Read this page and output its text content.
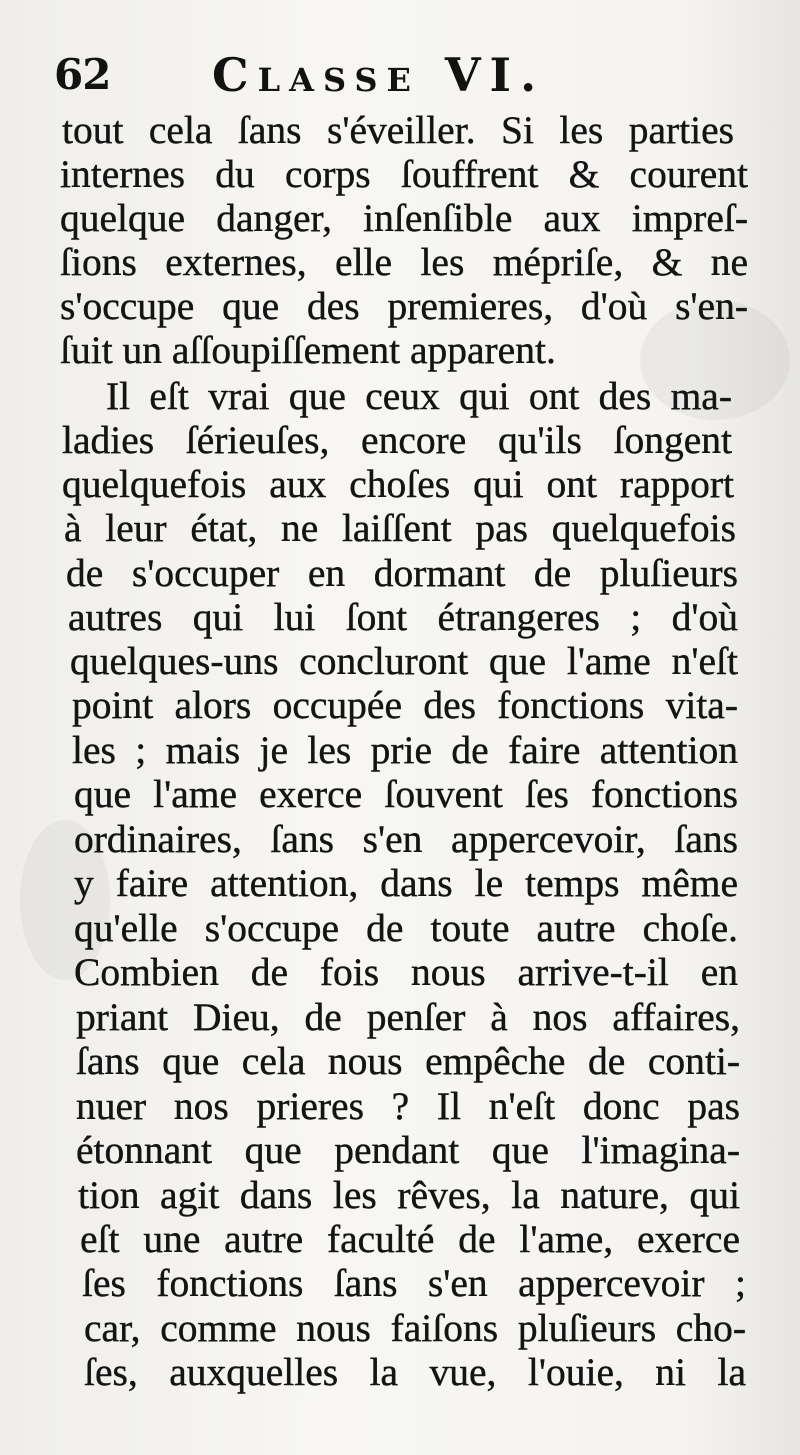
62 Classe VI.
tout cela ſans s'éveiller. Si les parties
internes du corps ſouffrent & courent
quelque danger, inſenſible aux impreſ-
ſions externes, elle les mépriſe, & ne
s'occupe que des premieres, d'où s'en-
ſuit un aſſoupiſſement apparent.
Il eſt vrai que ceux qui ont des ma-
ladies ſérieuſes, encore qu'ils ſongent
quelquefois aux choſes qui ont rapport
à leur état, ne laiſſent pas quelquefois
de s'occuper en dormant de pluſieurs
autres qui lui ſont étrangeres ; d'où
quelques-uns concluront que l'ame n'eſt
point alors occupée des fonctions vita-
les ; mais je les prie de faire attention
que l'ame exerce ſouvent ſes fonctions
ordinaires, ſans s'en appercevoir, ſans
y faire attention, dans le temps même
qu'elle s'occupe de toute autre choſe.
Combien de fois nous arrive-t-il en
priant Dieu, de penſer à nos affaires,
ſans que cela nous empêche de conti-
nuer nos prieres ? Il n'eſt donc pas
étonnant que pendant que l'imagina-
tion agit dans les rêves, la nature, qui
eſt une autre faculté de l'ame, exerce
ſes fonctions ſans s'en appercevoir ;
car, comme nous faiſons pluſieurs cho-
ſes, auxquelles la vue, l'ouie, ni la
